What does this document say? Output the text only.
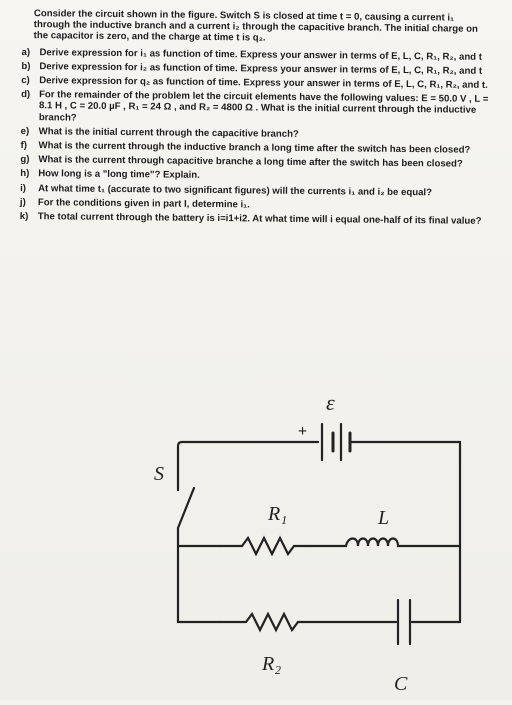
Consider the circuit shown in the figure. Switch S is closed at time t = 0, causing a current i₁ through the inductive branch and a current i₂ through the capacitive branch. The initial charge on the capacitor is zero, and the charge at time t is q₂.
a) Derive expression for i₁ as function of time. Express your answer in terms of E, L, C, R₁, R₂, and t
b) Derive expression for i₂ as function of time. Express your answer in terms of E, L, C, R₁, R₂, and t
c) Derive expression for q₂ as function of time. Express your answer in terms of E, L, C, R₁, R₂, and t.
d) For the remainder of the problem let the circuit elements have the following values: E = 50.0 V , L = 8.1 H , C = 20.0 µF , R₁ = 24 Ω , and R₂ = 4800 Ω . What is the initial current through the inductive branch?
e) What is the initial current through the capacitive branch?
f)	What is the current through the inductive branch a long time after the switch has been closed?
g) What is the current through capacitive branche a long time after the switch has been closed?
h) How long is a "long time"? Explain.
i)	At what time t₁ (accurate to two significant figures) will the currents i₁ and i₂ be equal?
j)	For the conditions given in part I, determine i₁.
k) The total current through the battery is i=i1+i2. At what time will i equal one-half of its final value?
ε
+
S
R₁	L
R₂
C
